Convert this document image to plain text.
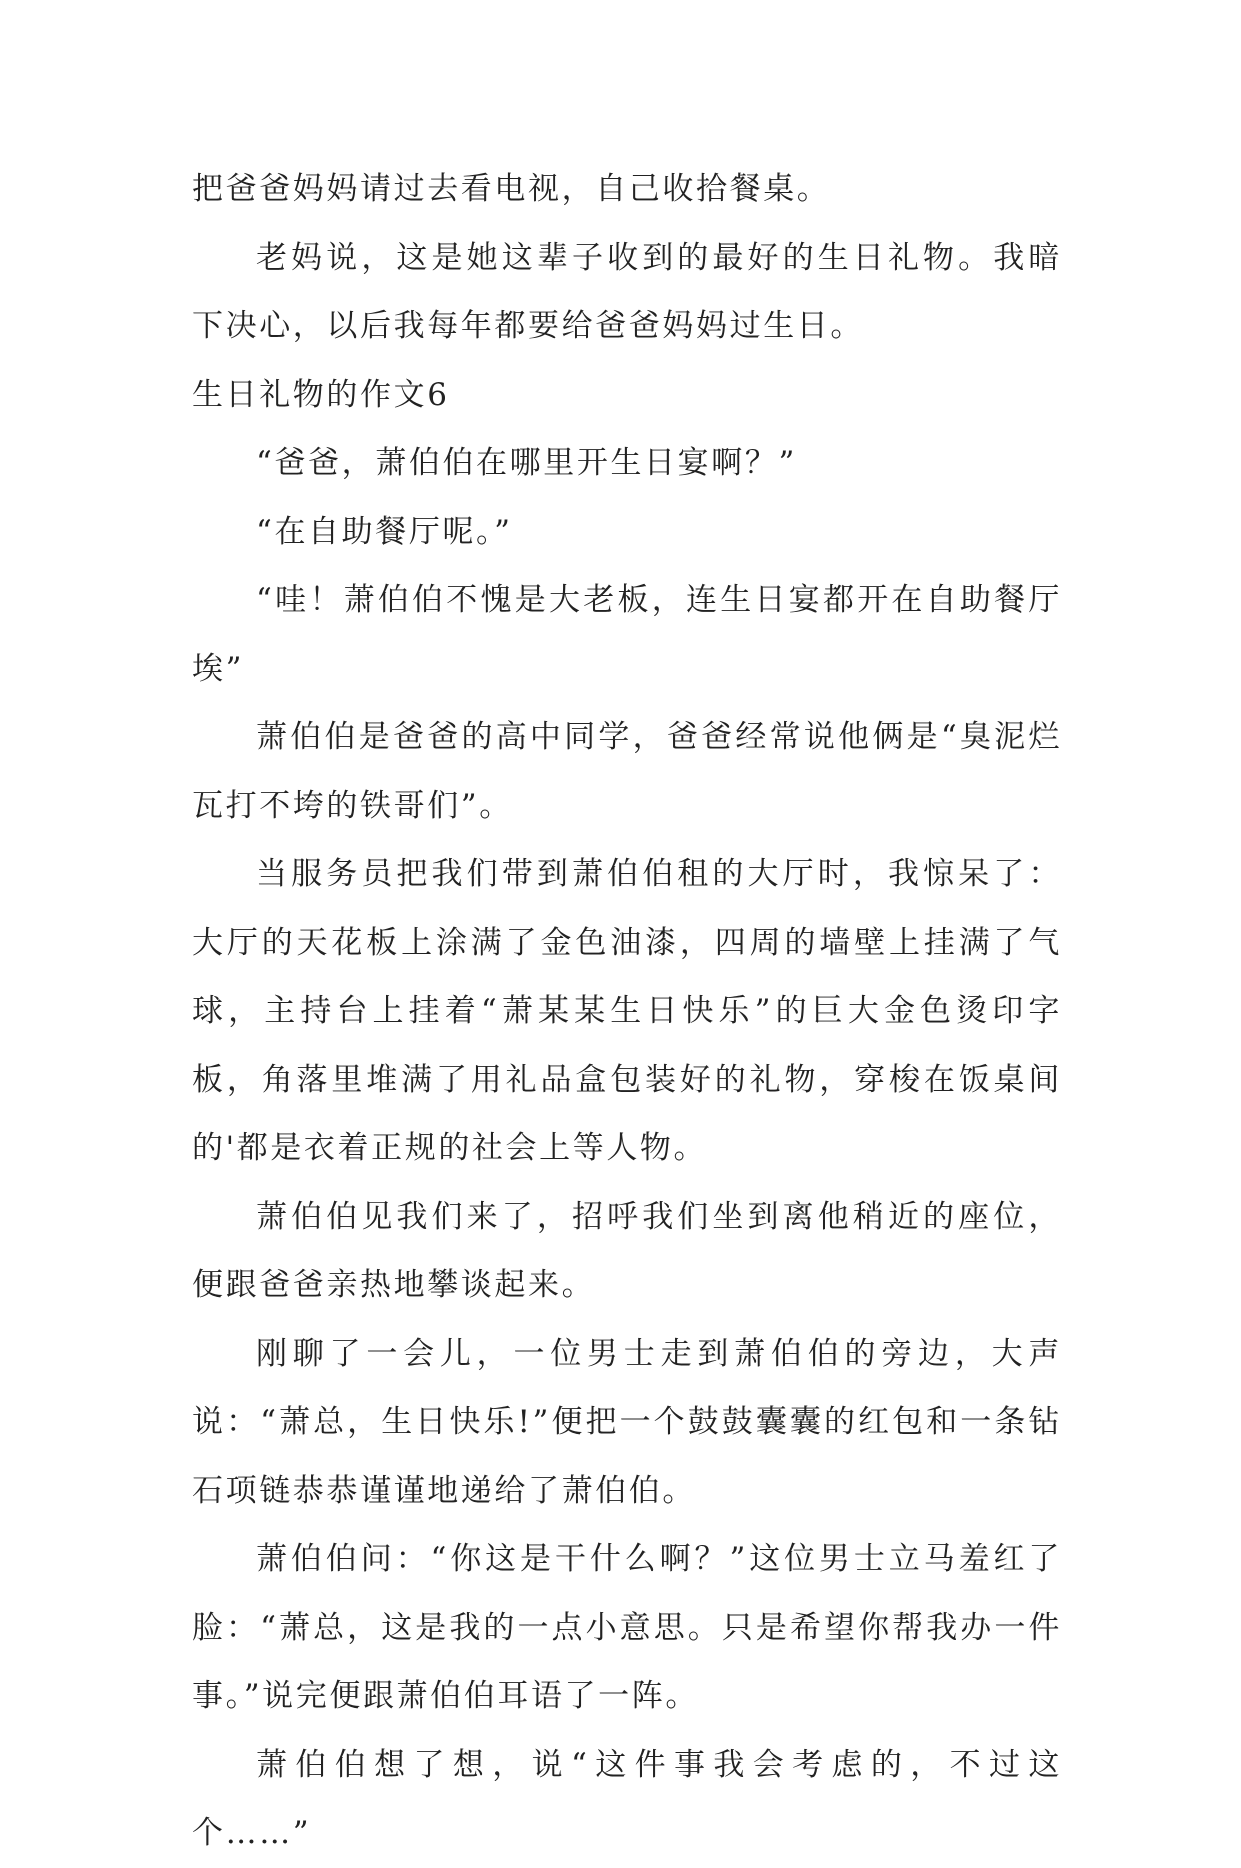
把爸爸妈妈请过去看电视，自己收拾餐桌。

老妈说，这是她这辈子收到的最好的生日礼物。我暗下决心，以后我每年都要给爸爸妈妈过生日。

生日礼物的作文6

“爸爸，萧伯伯在哪里开生日宴啊？”

“在自助餐厅呢。”

“哇！萧伯伯不愧是大老板，连生日宴都开在自助餐厅埃”

萧伯伯是爸爸的高中同学，爸爸经常说他俩是“臭泥烂瓦打不垮的铁哥们”。

当服务员把我们带到萧伯伯租的大厅时，我惊呆了：大厅的天花板上涂满了金色油漆，四周的墙壁上挂满了气球，主持台上挂着“萧某某生日快乐”的巨大金色烫印字板，角落里堆满了用礼品盒包装好的礼物，穿梭在饭桌间的'都是衣着正规的社会上等人物。

萧伯伯见我们来了，招呼我们坐到离他稍近的座位，便跟爸爸亲热地攀谈起来。

刚聊了一会儿，一位男士走到萧伯伯的旁边，大声说：“萧总，生日快乐!”便把一个鼓鼓囊囊的红包和一条钻石项链恭恭谨谨地递给了萧伯伯。

萧伯伯问：“你这是干什么啊？”这位男士立马羞红了脸：“萧总，这是我的一点小意思。只是希望你帮我办一件事。”说完便跟萧伯伯耳语了一阵。

萧伯伯想了想，说“这件事我会考虑的，不过这个……”
